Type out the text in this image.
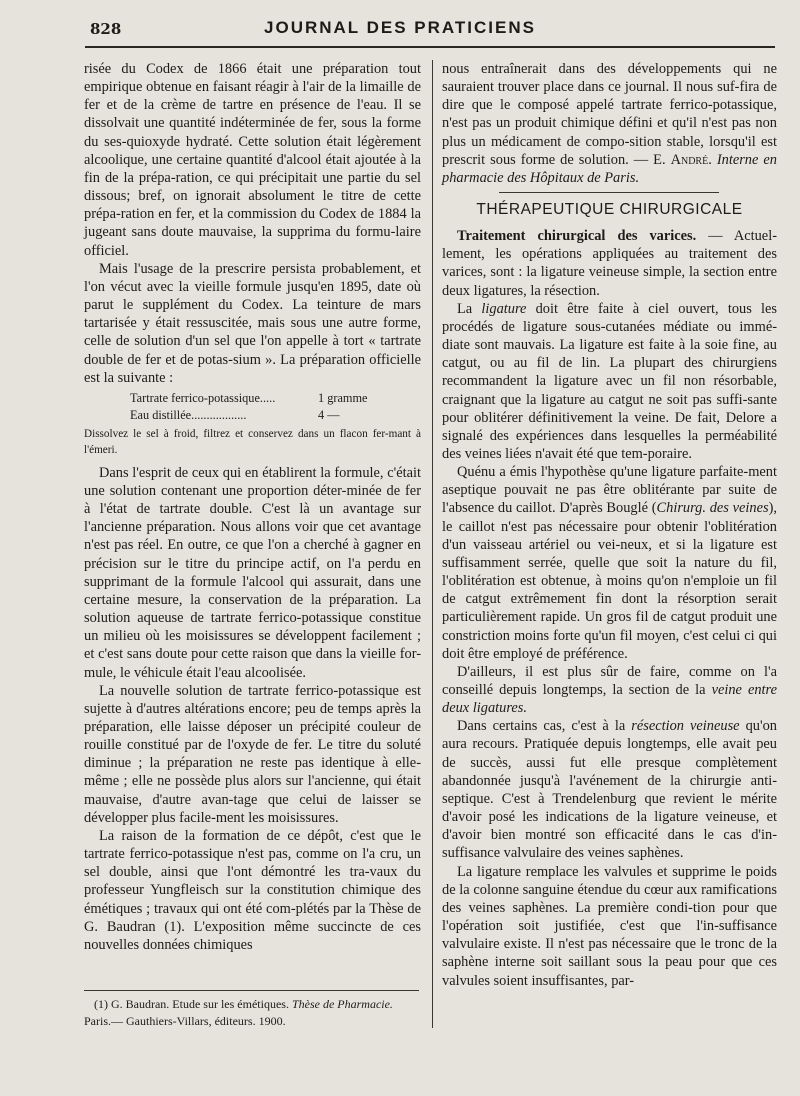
828	JOURNAL DES PRATICIENS

risée du Codex de 1866 était une préparation tout empirique obtenue en faisant réagir à l'air de la limaille de fer et de la crème de tartre en présence de l'eau. Il se dissolvait une quantité indéterminée de fer, sous la forme du ses-quioxyde hydraté. Cette solution était légèrement alcoolique, une certaine quantité d'alcool était ajoutée à la fin de la prépa-ration, ce qui précipitait une partie du sel dissous; bref, on ignorait absolument le titre de cette prépa-ration en fer, et la commission du Codex de 1884 la jugeant sans doute mauvaise, la supprima du formu-laire officiel.

Mais l'usage de la prescrire persista probablement, et l'on vécut avec la vieille formule jusqu'en 1895, date où parut le supplément du Codex. La teinture de mars tartarisée y était ressuscitée, mais sous une autre forme, celle de solution d'un sel que l'on appelle à tort « tartrate double de fer et de potas-sium ». La préparation officielle est la suivante :

Tartrate ferrico-potassique.....	1 gramme
Eau distillée..................	4 —
Dissolvez le sel à froid, filtrez et conservez dans un flacon fer-mant à l'émeri.

Dans l'esprit de ceux qui en établirent la formule, c'était une solution contenant une proportion déter-minée de fer à l'état de tartrate double. C'est là un avantage sur l'ancienne préparation. Nous allons voir que cet avantage n'est pas réel. En outre, ce que l'on a cherché à gagner en précision sur le titre du principe actif, on l'a perdu en supprimant de la formule l'alcool qui assurait, dans une certaine mesure, la conservation de la préparation. La solution aqueuse de tartrate ferrico-potassique constitue un milieu où les moisissures se développent facilement ; et c'est sans doute pour cette raison que dans la vieille for-mule, le véhicule était l'eau alcoolisée.

La nouvelle solution de tartrate ferrico-potassique est sujette à d'autres altérations encore; peu de temps après la préparation, elle laisse déposer un précipité couleur de rouille constitué par de l'oxyde de fer. Le titre du soluté diminue ; la préparation ne reste pas identique à elle-même ; elle ne possède plus alors sur l'ancienne, qui était mauvaise, d'autre avan-tage que celui de laisser se développer plus facile-ment les moisissures.

La raison de la formation de ce dépôt, c'est que le tartrate ferrico-potassique n'est pas, comme on l'a cru, un sel double, ainsi que l'ont démontré les tra-vaux du professeur Yungfleisch sur la constitution chimique des émétiques ; travaux qui ont été com-plétés par la Thèse de G. Baudran (1). L'exposition même succincte de ces nouvelles données chimiques

nous entraînerait dans des développements qui ne sauraient trouver place dans ce journal. Il nous suf-fira de dire que le composé appelé tartrate ferrico-potassique, n'est pas un produit chimique défini et qu'il n'est pas non plus un médicament de compo-sition stable, lorsqu'il est prescrit sous forme de solution. — E. André. Interne en pharmacie des Hôpitaux de Paris.

THÉRAPEUTIQUE CHIRURGICALE

Traitement chirurgical des varices. — Actuel-lement, les opérations appliquées au traitement des varices, sont : la ligature veineuse simple, la section entre deux ligatures, la résection.

La ligature doit être faite à ciel ouvert, tous les procédés de ligature sous-cutanées médiate ou immé-diate sont mauvais. La ligature est faite à la soie fine, au catgut, ou au fil de lin. La plupart des chirurgiens recommandent la ligature avec un fil non résorbable, craignant que la ligature au catgut ne soit pas suffi-sante pour oblitérer définitivement la veine. De fait, Delore a signalé des expériences dans lesquelles la perméabilité des veines liées n'avait été que tem-poraire.

Quénu a émis l'hypothèse qu'une ligature parfaite-ment aseptique pouvait ne pas être oblitérante par suite de l'absence du caillot. D'après Bouglé (Chirurg. des veines), le caillot n'est pas nécessaire pour obtenir l'oblitération d'un vaisseau artériel ou vei-neux, et si la ligature est suffisamment serrée, quelle que soit la nature du fil, l'oblitération est obtenue, à moins qu'on n'emploie un fil de catgut extrêmement fin dont la résorption serait particulièrement rapide. Un gros fil de catgut produit une constriction moins forte qu'un fil moyen, c'est celui ci qui doit être employé de préférence.

D'ailleurs, il est plus sûr de faire, comme on l'a conseillé depuis longtemps, la section de la veine entre deux ligatures.

Dans certains cas, c'est à la résection veineuse qu'on aura recours. Pratiquée depuis longtemps, elle avait peu de succès, aussi fut elle presque complètement abandonnée jusqu'à l'avénement de la chirurgie anti-septique. C'est à Trendelenburg que revient le mérite d'avoir posé les indications de la ligature veineuse, et d'avoir bien montré son efficacité dans le cas d'in-suffisance valvulaire des veines saphènes.

La ligature remplace les valvules et supprime le poids de la colonne sanguine étendue du cœur aux ramifications des veines saphènes. La première condi-tion pour que l'opération soit justifiée, c'est que l'in-suffisance valvulaire existe. Il n'est pas nécessaire que le tronc de la saphène interne soit saillant sous la peau pour que ces valvules soient insuffisantes, par-

(1) G. Baudran. Etude sur les émétiques. Thèse de Pharmacie.

Paris.— Gauthiers-Villars, éditeurs. 1900.
